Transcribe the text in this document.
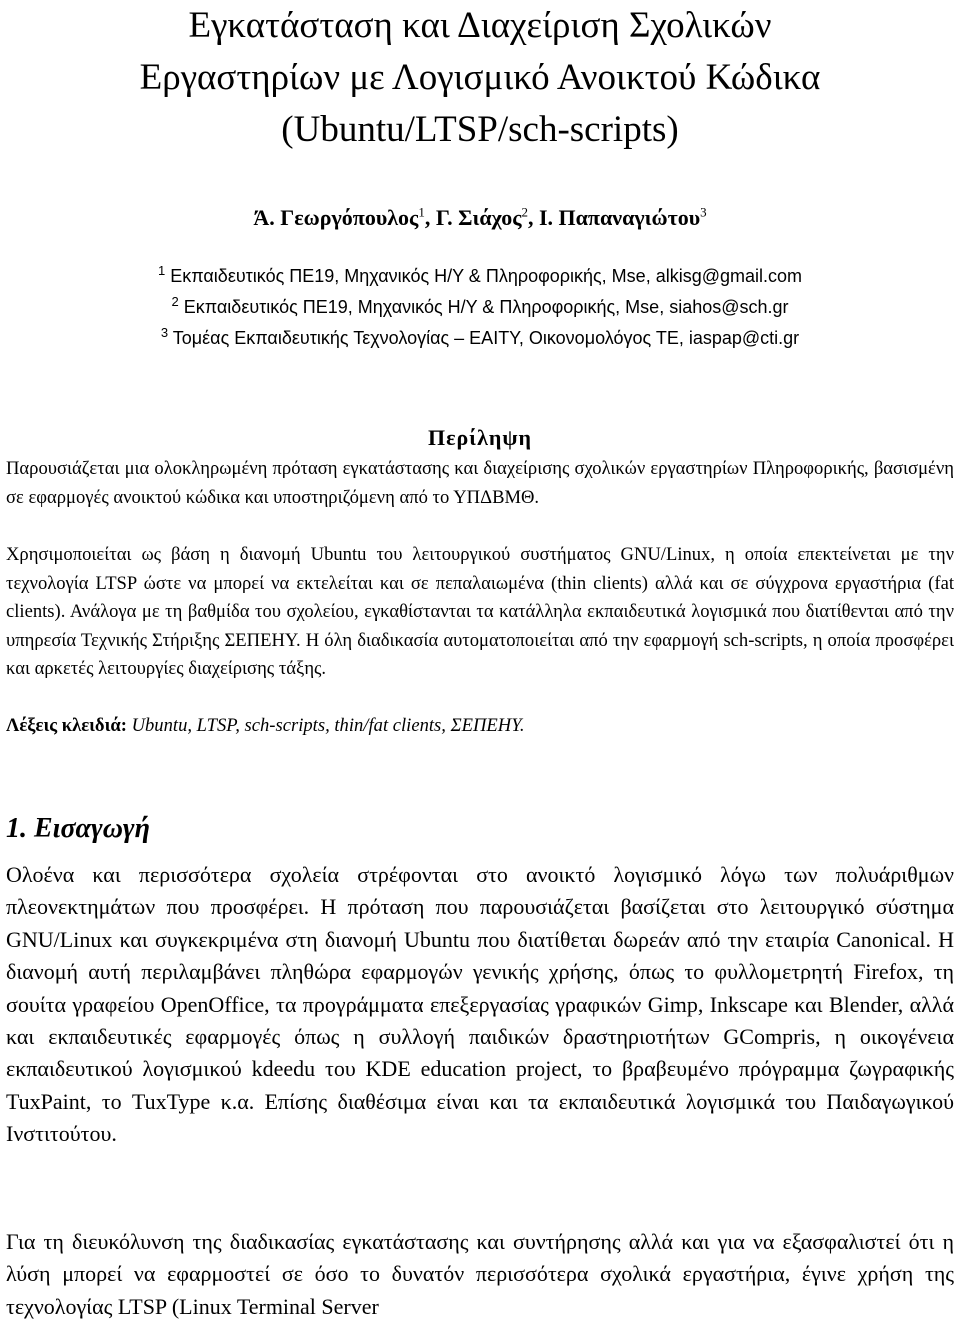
Εγκατάσταση και Διαχείριση Σχολικών
Εργαστηρίων με Λογισμικό Ανοικτού Κώδικα
(Ubuntu/LTSP/sch-scripts)
Ά. Γεωργόπουλος$^1$, Γ. Σιάχος$^2$, Ι. Παπαναγιώτου$^3$
$^1$ Εκπαιδευτικός ΠΕ19, Μηχανικός Η/Υ & Πληροφορικής, Mse, alkisg@gmail.com
$^2$ Εκπαιδευτικός ΠΕ19, Μηχανικός Η/Υ & Πληροφορικής, Mse, siahos@sch.gr
$^3$ Τομέας Εκπαιδευτικής Τεχνολογίας – ΕΑΙΤΥ, Οικονομολόγος ΤΕ, iaspap@cti.gr
Περίληψη

Παρουσιάζεται μια ολοκληρωμένη πρόταση εγκατάστασης και διαχείρισης σχολικών εργαστηρίων Πληροφορικής, βασισμένη σε εφαρμογές ανοικτού κώδικα και υποστηριζόμενη από το ΥΠΔΒΜΘ.

Χρησιμοποιείται ως βάση η διανομή Ubuntu του λειτουργικού συστήματος GNU/Linux, η οποία επεκτείνεται με την τεχνολογία LTSP ώστε να μπορεί να εκτελείται και σε πεπαλαιωμένα (thin clients) αλλά και σε σύγχρονα εργαστήρια (fat clients). Ανάλογα με τη βαθμίδα του σχολείου, εγκαθίστανται τα κατάλληλα εκπαιδευτικά λογισμικά που διατίθενται από την υπηρεσία Τεχνικής Στήριξης ΣΕΠΕΗΥ. Η όλη διαδικασία αυτοματοποιείται από την εφαρμογή sch-scripts, η οποία προσφέρει και αρκετές λειτουργίες διαχείρισης τάξης.

Λέξεις κλειδιά: Ubuntu, LTSP, sch-scripts, thin/fat clients, ΣΕΠΕΗΥ.
1. Εισαγωγή

Ολοένα και περισσότερα σχολεία στρέφονται στο ανοικτό λογισμικό λόγω των πολυάριθμων πλεονεκτημάτων που προσφέρει. Η πρόταση που παρουσιάζεται βασίζεται στο λειτουργικό σύστημα GNU/Linux και συγκεκριμένα στη διανομή Ubuntu που διατίθεται δωρεάν από την εταιρία Canonical. Η διανομή αυτή περιλαμβάνει πληθώρα εφαρμογών γενικής χρήσης, όπως το φυλλομετρητή Firefox, τη σουίτα γραφείου OpenOffice, τα προγράμματα επεξεργασίας γραφικών Gimp, Inkscape και Blender, αλλά και εκπαιδευτικές εφαρμογές όπως η συλλογή παιδικών δραστηριοτήτων GCompris, η οικογένεια εκπαιδευτικού λογισμικού kdeedu του KDE education project, το βραβευμένο πρόγραμμα ζωγραφικής TuxPaint, το TuxType κ.α. Επίσης διαθέσιμα είναι και τα εκπαιδευτικά λογισμικά του Παιδαγωγικού Ινστιτούτου.

Για τη διευκόλυνση της διαδικασίας εγκατάστασης και συντήρησης αλλά και για να εξασφαλιστεί ότι η λύση μπορεί να εφαρμοστεί σε όσο το δυνατόν περισσότερα σχολικά εργαστήρια, έγινε χρήση της τεχνολογίας LTSP (Linux Terminal Server
